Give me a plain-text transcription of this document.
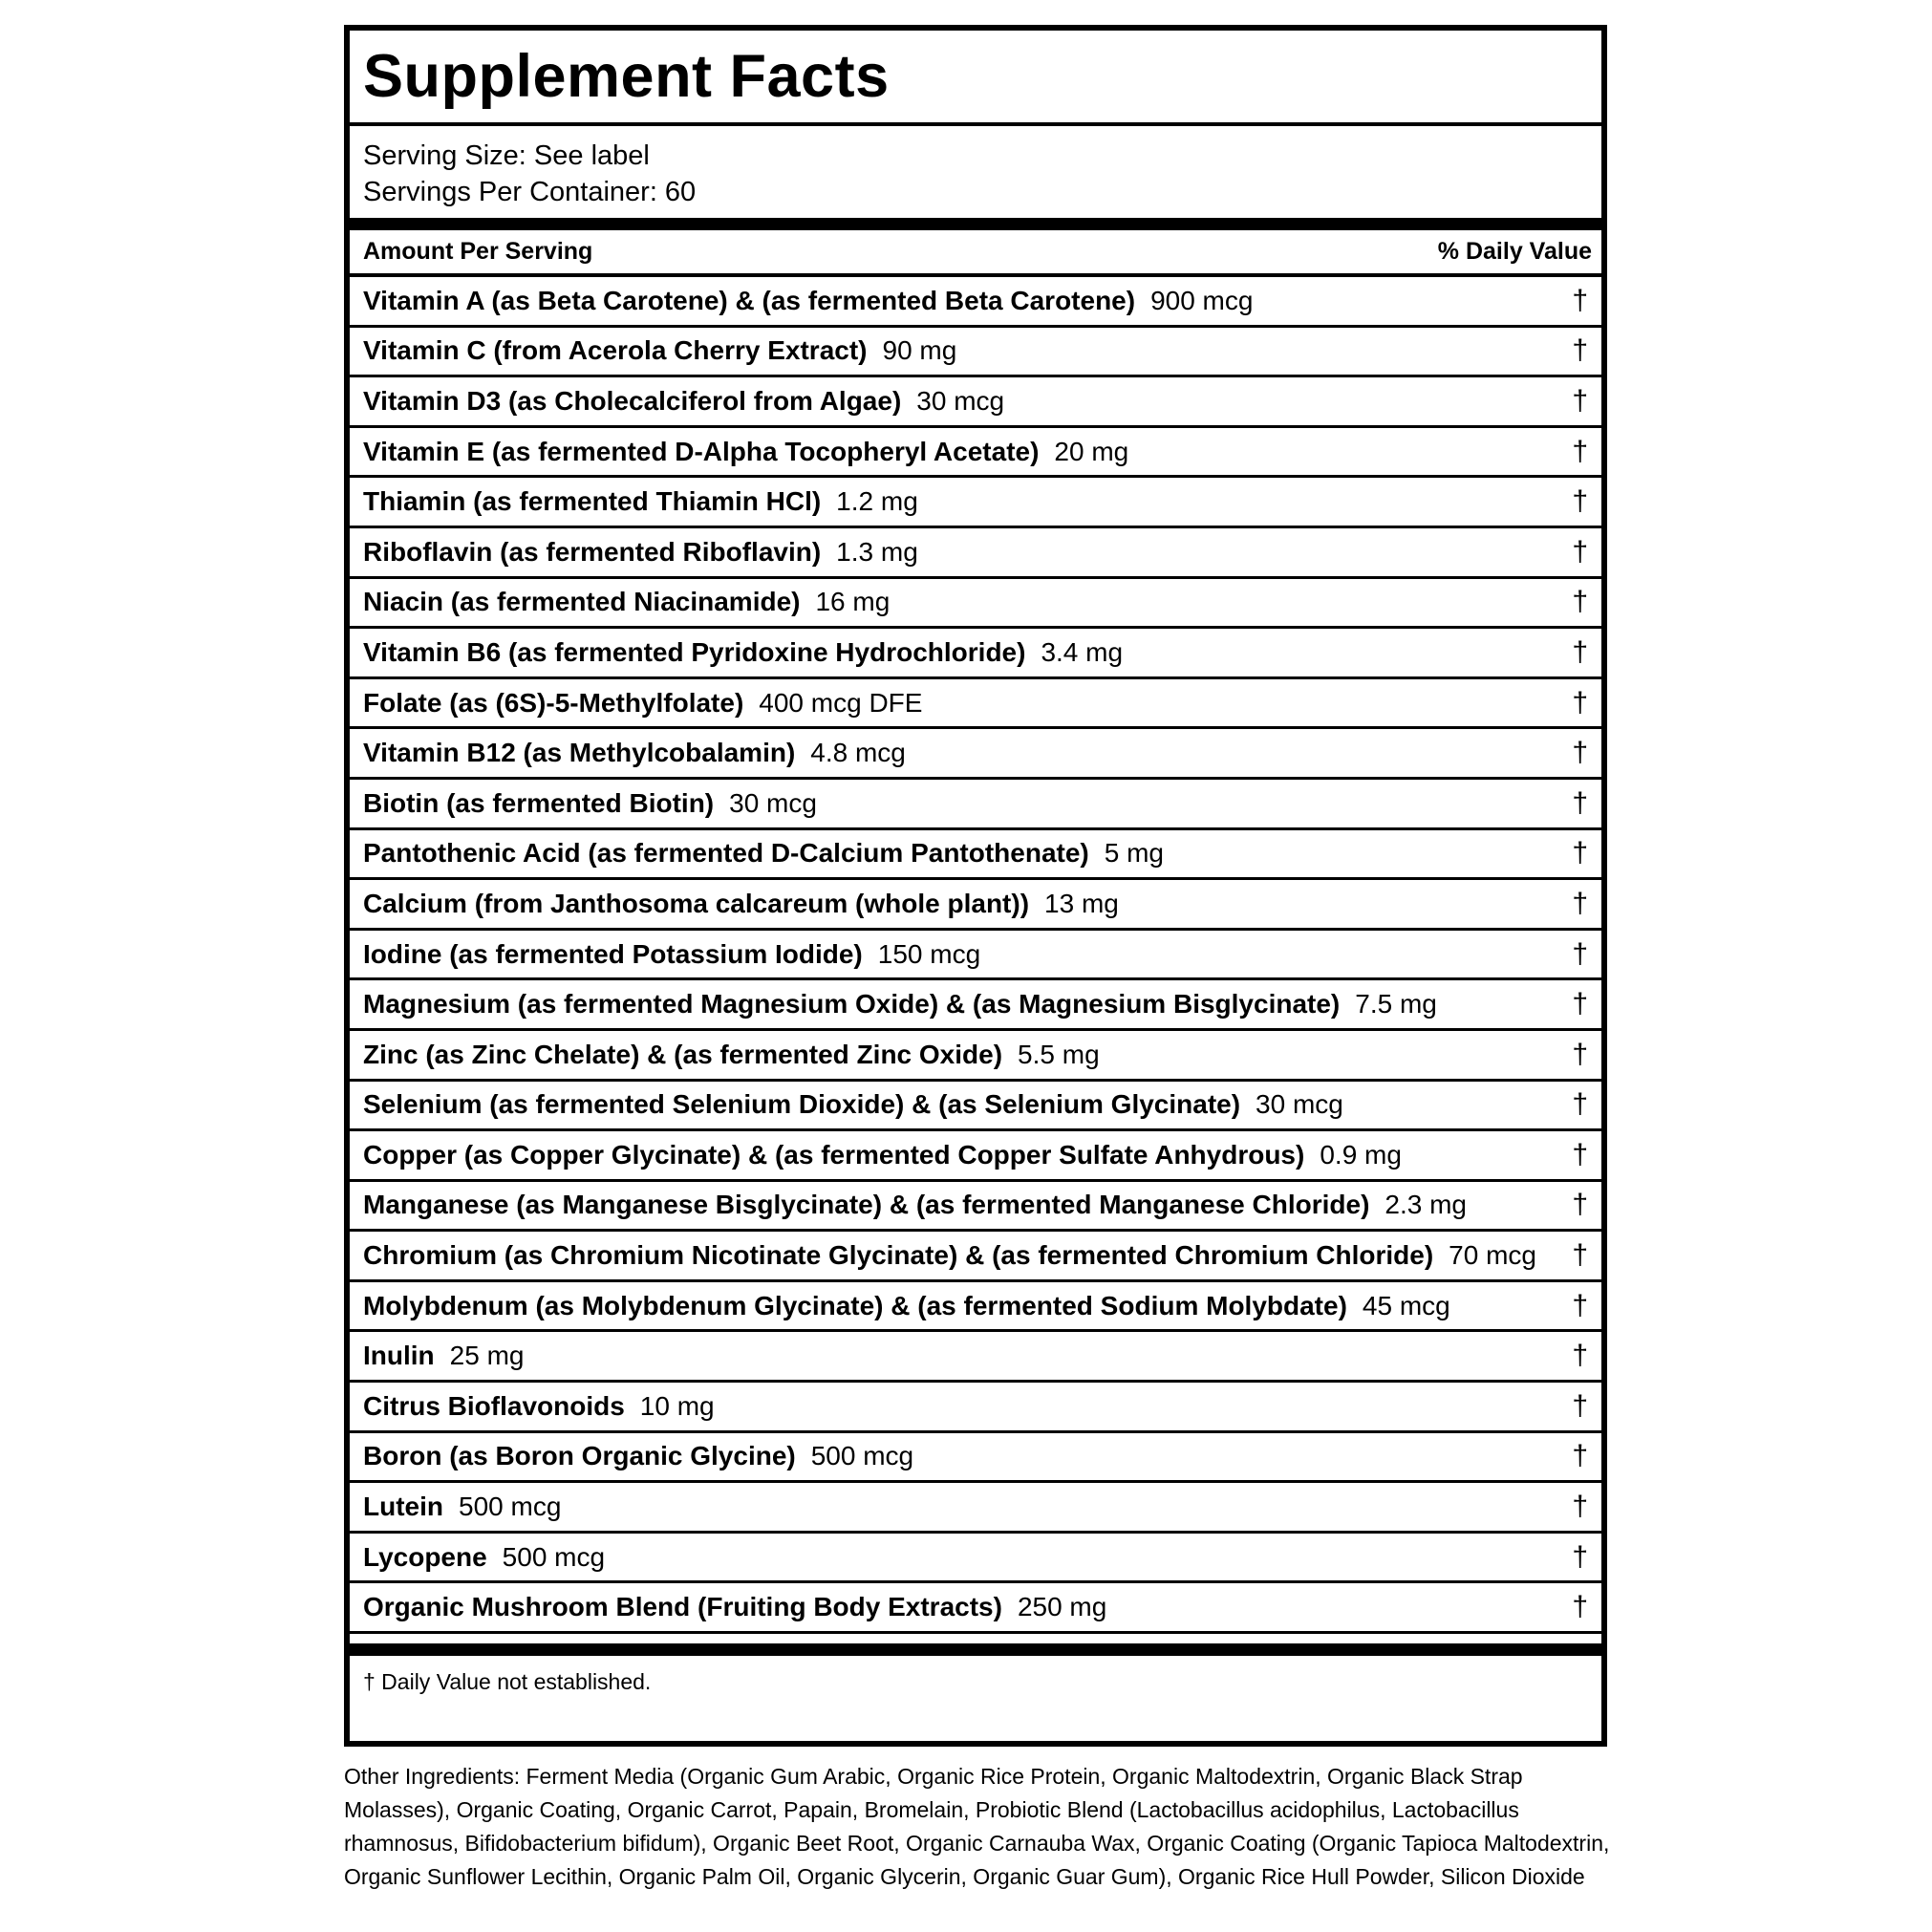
Supplement Facts
Serving Size: See label
Servings Per Container: 60
Amount Per Serving	% Daily Value
Vitamin A (as Beta Carotene) & (as fermented Beta Carotene) 900 mcg	†
Vitamin C (from Acerola Cherry Extract) 90 mg	†
Vitamin D3 (as Cholecalciferol from Algae) 30 mcg	†
Vitamin E (as fermented D-Alpha Tocopheryl Acetate) 20 mg	†
Thiamin (as fermented Thiamin HCl) 1.2 mg	†
Riboflavin (as fermented Riboflavin) 1.3 mg	†
Niacin (as fermented Niacinamide) 16 mg	†
Vitamin B6 (as fermented Pyridoxine Hydrochloride) 3.4 mg	†
Folate (as (6S)-5-Methylfolate) 400 mcg DFE	†
Vitamin B12 (as Methylcobalamin) 4.8 mcg	†
Biotin (as fermented Biotin) 30 mcg	†
Pantothenic Acid (as fermented D-Calcium Pantothenate) 5 mg	†
Calcium (from Janthosoma calcareum (whole plant)) 13 mg	†
Iodine (as fermented Potassium Iodide) 150 mcg	†
Magnesium (as fermented Magnesium Oxide) & (as Magnesium Bisglycinate) 7.5 mg	†
Zinc (as Zinc Chelate) & (as fermented Zinc Oxide) 5.5 mg	†
Selenium (as fermented Selenium Dioxide) & (as Selenium Glycinate) 30 mcg	†
Copper (as Copper Glycinate) & (as fermented Copper Sulfate Anhydrous) 0.9 mg	†
Manganese (as Manganese Bisglycinate) & (as fermented Manganese Chloride) 2.3 mg	†
Chromium (as Chromium Nicotinate Glycinate) & (as fermented Chromium Chloride) 70 mcg †
Molybdenum (as Molybdenum Glycinate) & (as fermented Sodium Molybdate) 45 mcg	†
Inulin 25 mg	†
Citrus Bioflavonoids 10 mg	†
Boron (as Boron Organic Glycine) 500 mcg	†
Lutein 500 mcg	†
Lycopene 500 mcg	†
Organic Mushroom Blend (Fruiting Body Extracts) 250 mg	†
† Daily Value not established.
Other Ingredients: Ferment Media (Organic Gum Arabic, Organic Rice Protein, Organic Maltodextrin, Organic Black Strap Molasses), Organic Coating, Organic Carrot, Papain, Bromelain, Probiotic Blend (Lactobacillus acidophilus, Lactobacillus rhamnosus, Bifidobacterium bifidum), Organic Beet Root, Organic Carnauba Wax, Organic Coating (Organic Tapioca Maltodextrin, Organic Sunflower Lecithin, Organic Palm Oil, Organic Glycerin, Organic Guar Gum), Organic Rice Hull Powder, Silicon Dioxide
